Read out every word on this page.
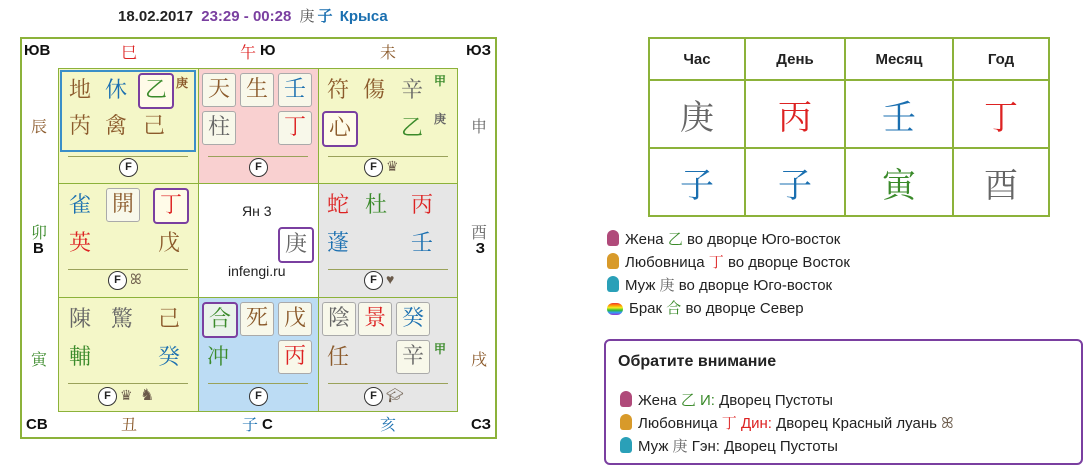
18.02.2017 23:29 - 00:28 庚 子 Крыса
ЮВ	ЮЗ
СВ	СЗ
巳	午 Ю	未
丑	子 С	亥
辰
卯
В
寅
申
酉
З
戌
地 休 乙 庚
芮 禽 己
F
天 生 壬
柱 丁
F
符 傷 辛 甲
心	乙 庚
F ♛
雀 開	丁
英	戊
F ꕤ
Ян 3
庚
infengi.ru
蛇 杜 丙
蓬	壬
F ♥
陳 驚 己
輔	癸
F ♛ ♞
合 死 戊
冲 丙
F
陰 景 癸
任 辛 甲
F 🎓︎
Час	День	Месяц	Год
庚	丙	壬	丁
子	子	寅	酉
Жена 乙 во дворце Юго-восток
Любовница 丁 во дворце Восток
Муж 庚 во дворце Юго-восток
Брак 合 во дворце Север
Обратите внимание
Жена 乙 И: Дворец Пустоты
Любовница 丁 Дин: Дворец Красный луань ꕤ
Муж 庚 Гэн: Дворец Пустоты
